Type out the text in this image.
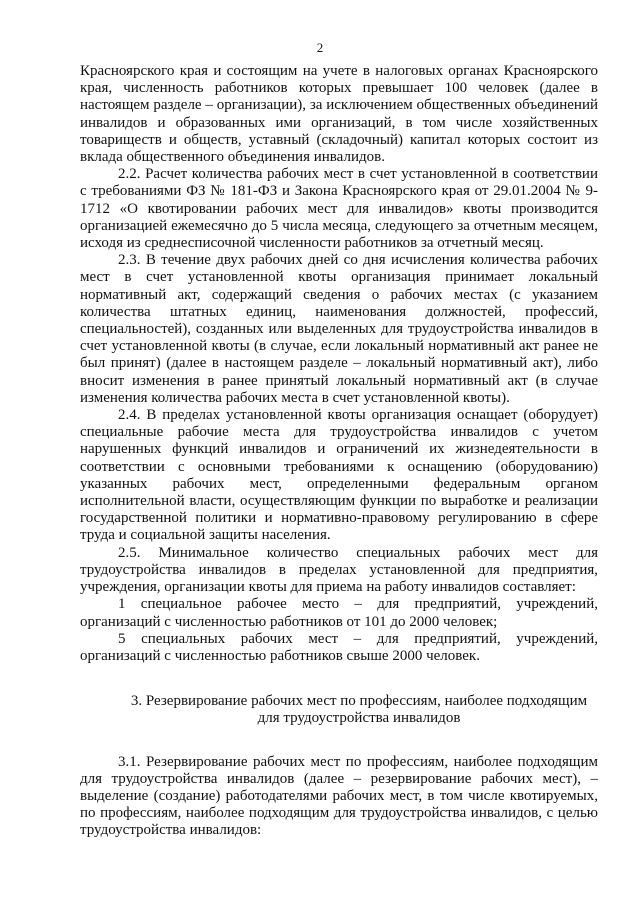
2

Красноярского края и состоящим на учете в налоговых органах Красноярского края, численность работников которых превышает 100 человек (далее в настоящем разделе – организации), за исключением общественных объединений инвалидов и образованных ими организаций, в том числе хозяйственных товариществ и обществ, уставный (складочный) капитал которых состоит из вклада общественного объединения инвалидов.

2.2. Расчет количества рабочих мест в счет установленной в соответствии с требованиями ФЗ № 181-ФЗ и Закона Красноярского края от 29.01.2004 № 9-1712 «О квотировании рабочих мест для инвалидов» квоты производится организацией ежемесячно до 5 числа месяца, следующего за отчетным месяцем, исходя из среднесписочной численности работников за отчетный месяц.

2.3. В течение двух рабочих дней со дня исчисления количества рабочих мест в счет установленной квоты организация принимает локальный нормативный акт, содержащий сведения о рабочих местах (с указанием количества штатных единиц, наименования должностей, профессий, специальностей), созданных или выделенных для трудоустройства инвалидов в счет установленной квоты (в случае, если локальный нормативный акт ранее не был принят) (далее в настоящем разделе – локальный нормативный акт), либо вносит изменения в ранее принятый локальный нормативный акт (в случае изменения количества рабочих места в счет установленной квоты).

2.4. В пределах установленной квоты организация оснащает (оборудует) специальные рабочие места для трудоустройства инвалидов с учетом нарушенных функций инвалидов и ограничений их жизнедеятельности в соответствии с основными требованиями к оснащению (оборудованию) указанных рабочих мест, определенными федеральным органом исполнительной власти, осуществляющим функции по выработке и реализации государственной политики и нормативно-правовому регулированию в сфере труда и социальной защиты населения.

2.5. Минимальное количество специальных рабочих мест для трудоустройства инвалидов в пределах установленной для предприятия, учреждения, организации квоты для приема на работу инвалидов составляет:

1 специальное рабочее место – для предприятий, учреждений, организаций с численностью работников от 101 до 2000 человек;

5 специальных рабочих мест – для предприятий, учреждений, организаций с численностью работников свыше 2000 человек.

3. Резервирование рабочих мест по профессиям, наиболее подходящим

для трудоустройства инвалидов

3.1. Резервирование рабочих мест по профессиям, наиболее подходящим для трудоустройства инвалидов (далее – резервирование рабочих мест), – выделение (создание) работодателями рабочих мест, в том числе квотируемых, по профессиям, наиболее подходящим для трудоустройства инвалидов, с целью трудоустройства инвалидов:
